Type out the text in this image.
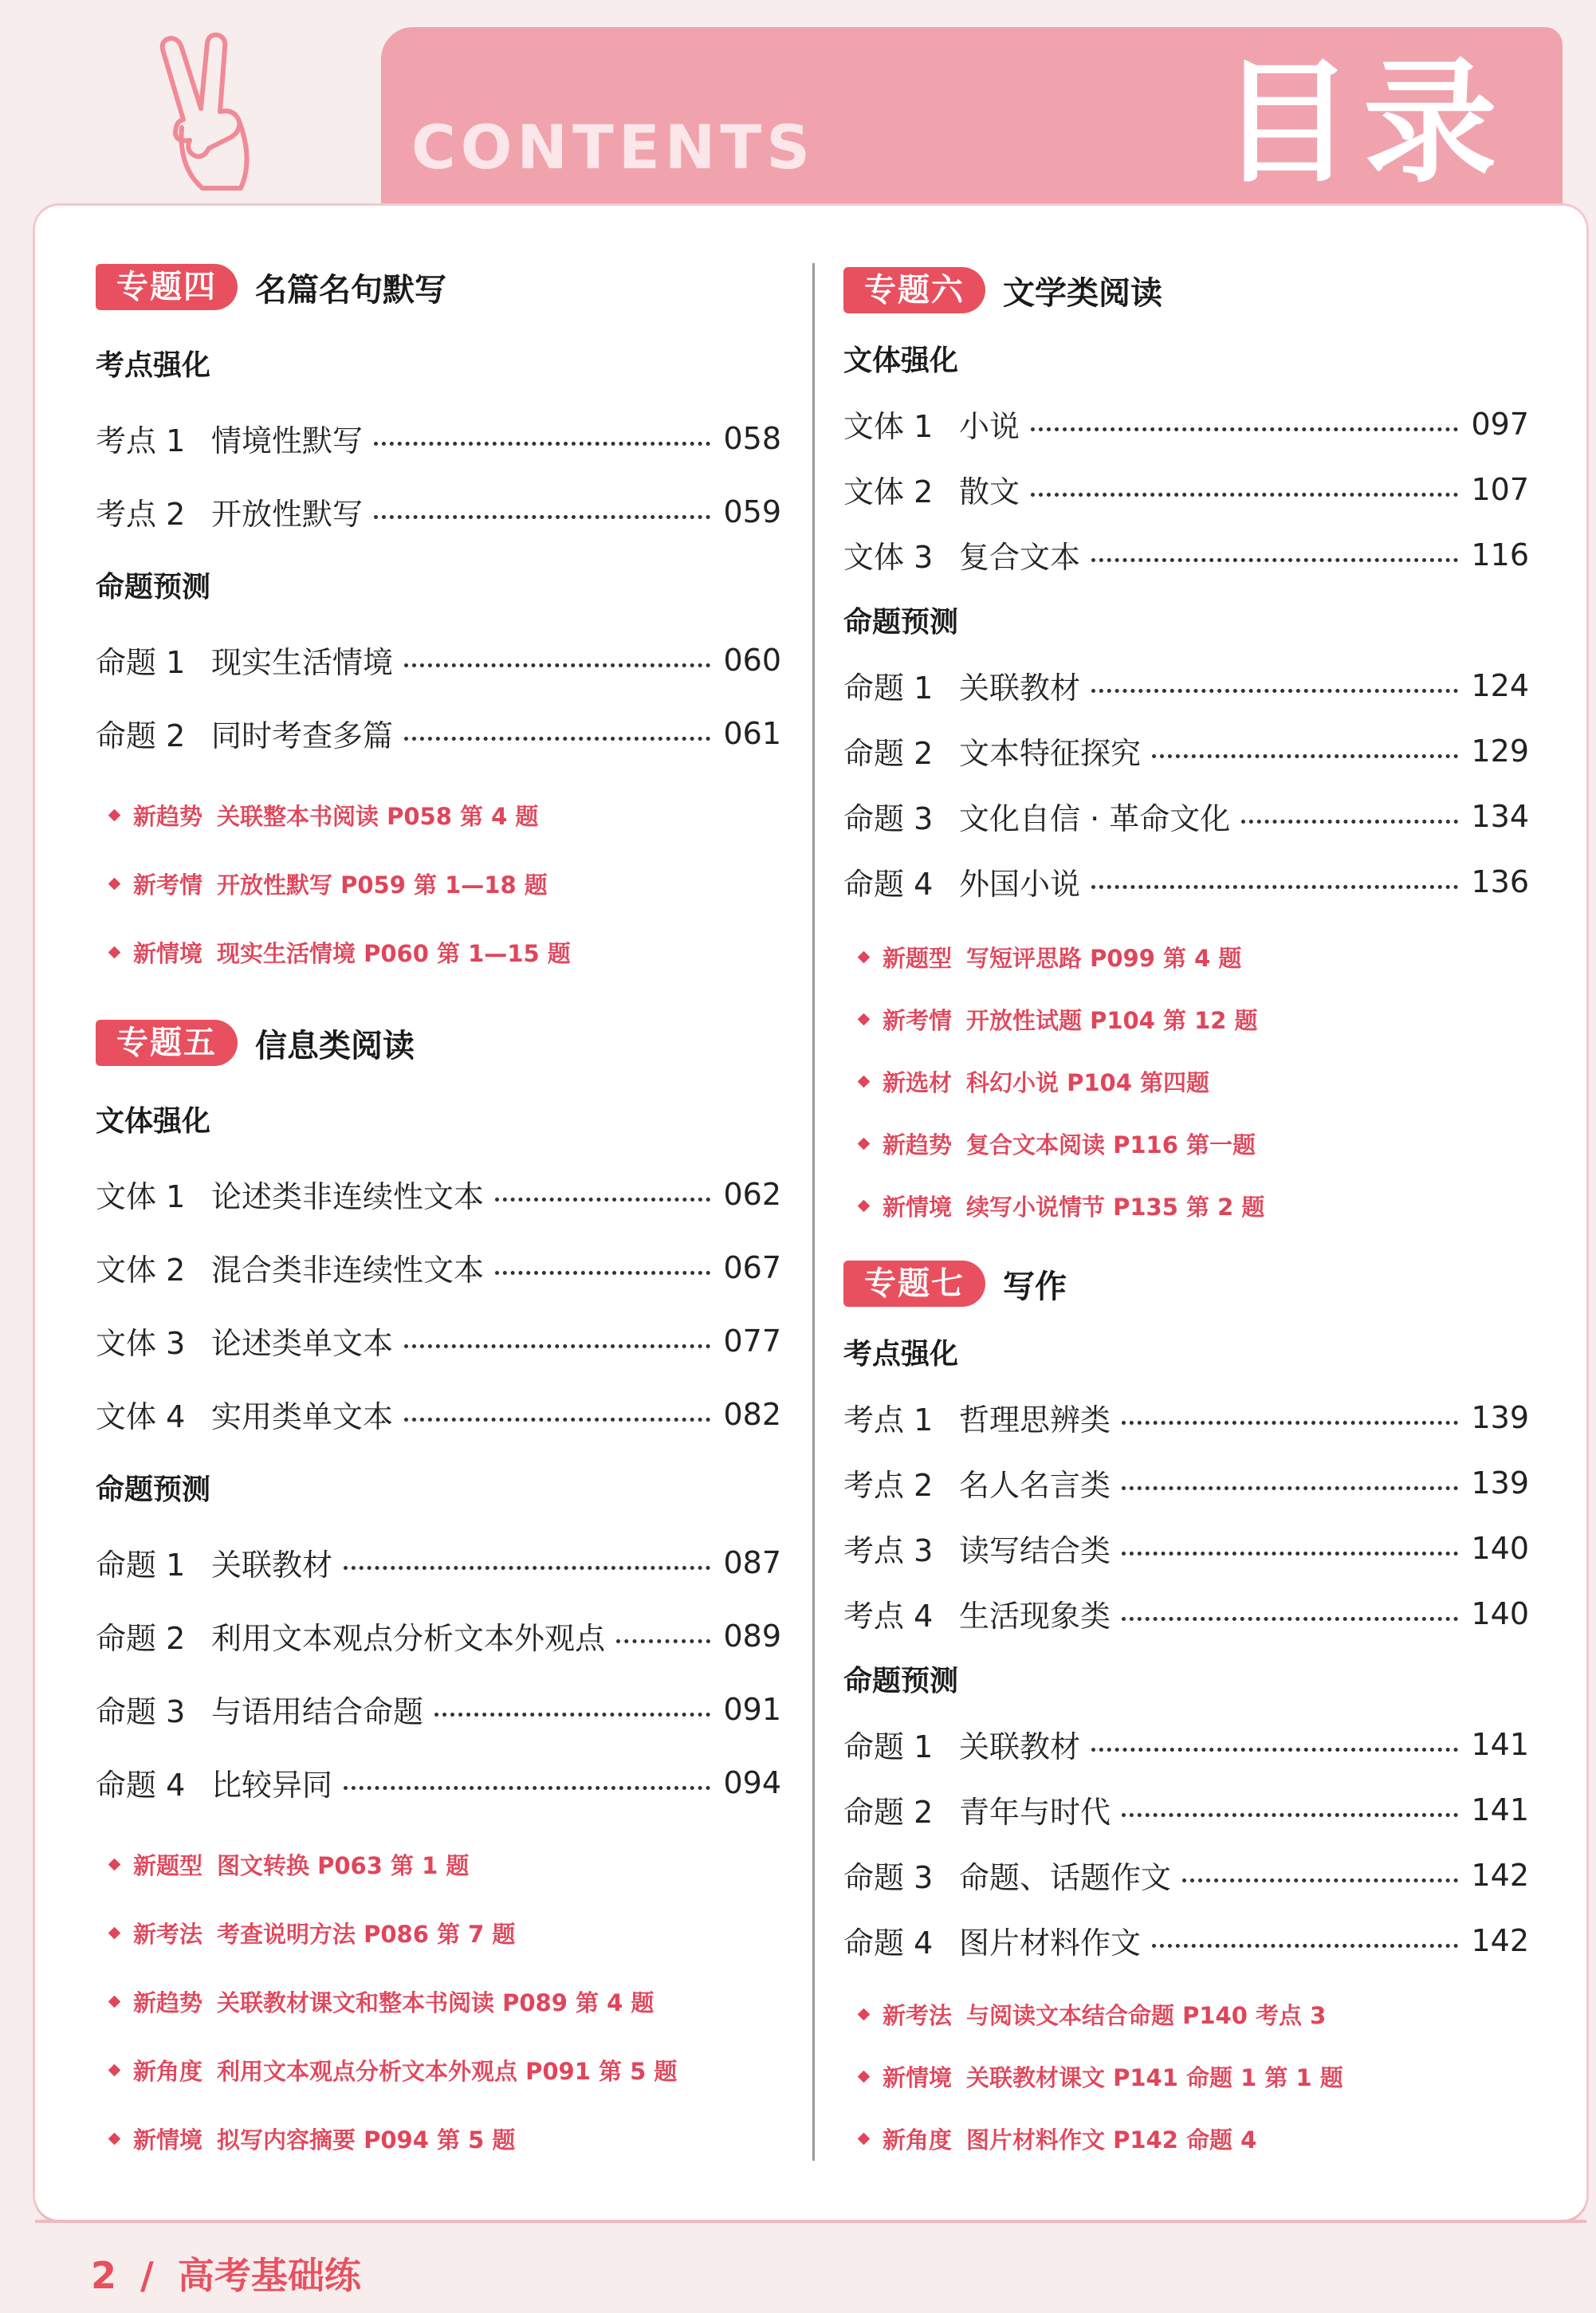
CONTENTS	目录
专题四	名篇名句默写
考点强化
考点 1 情境性默写	058
考点 2 开放性默写	059
命题预测
命题 1 现实生活情境	060
命题 2 同时考查多篇	061
新趋势 关联整本书阅读 P058 第 4 题
新考情 开放性默写 P059 第 1—18 题
新情境 现实生活情境 P060 第 1—15 题
专题五	信息类阅读
文体强化
文体 1 论述类非连续性文本	062
文体 2 混合类非连续性文本	067
文体 3 论述类单文本	077
文体 4 实用类单文本	082
命题预测
命题 1 关联教材	087
命题 2 利用文本观点分析文本外观点	089
命题 3 与语用结合命题	091
命题 4 比较异同	094
新题型 图文转换 P063 第 1 题
新考法 考查说明方法 P086 第 7 题
新趋势 关联教材课文和整本书阅读 P089 第 4 题
新角度 利用文本观点分析文本外观点 P091 第 5 题
新情境 拟写内容摘要 P094 第 5 题
专题六	文学类阅读
文体强化
文体 1 小说	097
文体 2 散文	107
文体 3 复合文本	116
命题预测
命题 1 关联教材	124
命题 2 文本特征探究	129
命题 3 文化自信 · 革命文化	134
命题 4 外国小说	136
新题型 写短评思路 P099 第 4 题
新考情 开放性试题 P104 第 12 题
新选材 科幻小说 P104 第四题
新趋势 复合文本阅读 P116 第一题
新情境 续写小说情节 P135 第 2 题
专题七	写作
考点强化
考点 1 哲理思辨类	139
考点 2 名人名言类	139
考点 3 读写结合类	140
考点 4 生活现象类	140
命题预测
命题 1 关联教材	141
命题 2 青年与时代	141
命题 3 命题、话题作文	142
命题 4 图片材料作文	142
新考法 与阅读文本结合命题 P140 考点 3
新情境 关联教材课文 P141 命题 1 第 1 题
新角度 图片材料作文 P142 命题 4
2 / 高考基础练
